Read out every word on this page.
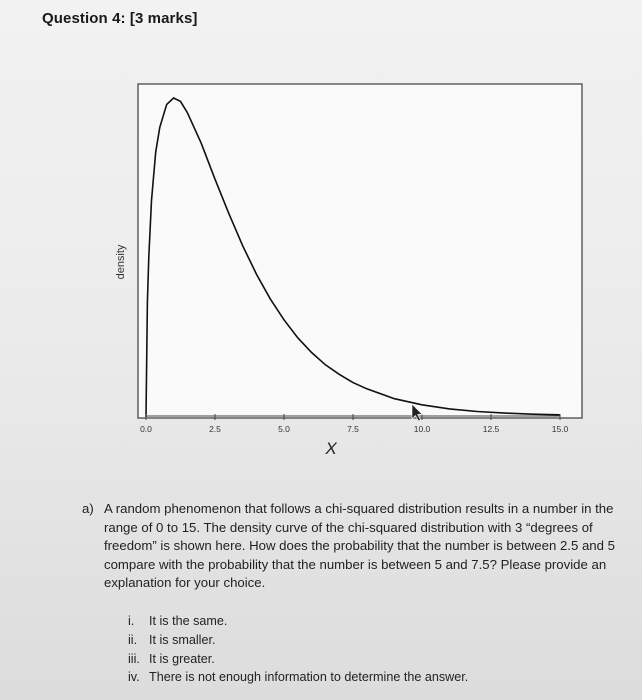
Question 4: [3 marks]
0.0	2.5	5.0	7.5	10.0	12.5	15.0
density
X
a) A random phenomenon that follows a chi-squared distribution results in a number in the range of 0 to 15. The density curve of the chi-squared distribution with 3 “degrees of freedom” is shown here. How does the probability that the number is between 2.5 and 5 compare with the probability that the number is between 5 and 7.5? Please provide an explanation for your choice.
i. It is the same.
ii. It is smaller.
iii. It is greater.
iv. There is not enough information to determine the answer.
